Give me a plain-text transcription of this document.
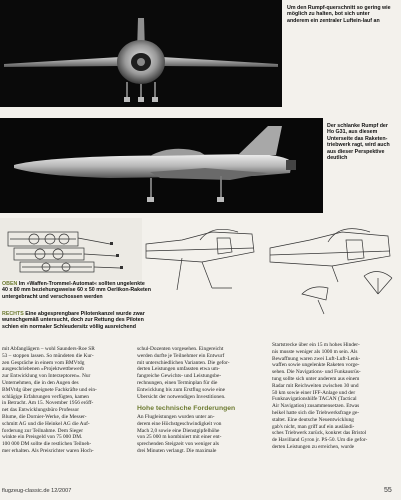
Um den Rumpf-querschnitt so gering wie möglich zu halten, bot sich unter anderem ein zentraler Luftein-lauf an
Der schlanke Rumpf der Ho G31, aus diesem Unterseite das Raketen-triebwerk ragt, wird auch aus dieser Perspektive deutlich
OBEN Im »Waffen-Trommel-Automat« sollten ungelenkte 40 x 80 mm beziehungsweise 60 x 50 mm Oerlikon-Raketen untergebracht und verschossen werden
RECHTS Eine abgesprengbare Pilotenkanzel wurde zwar wunschgemäß untersucht, doch zur Rettung des Piloten schien ein normaler Schleudersitz völlig ausreichend
mit Abfanglägern – wohl Saunders-Roe SR
53 – stoppen lassen. So mündeten die Kur-
zen Gespräche in einem vom BMVtdg
ausgeschriebenen »Projektwettbewerb
zur Entwicklung von Interzeptoren«. Nur
Unternehmen, die in den Augen des
BMVtdg über geeignete Fachkräfte und ein-
schlägige Erfahrungen verfügten, kamen
in Betracht. Am 15. November 1956 eröff-
net das Entwicklungsbüro Professor
Blume, die Dornier-Werke, die Messer-
schmitt AG und die Heinkel AG die Auf-
forderung zur Teilnahme. Dem Sieger
winkte ein Preisgeld von 75 000 DM.
100 000 DM sollte die restlichen Teilneh-
mer erhalten. Als Preisrichter waren Hoch-
schul-Dozenten vorgesehen. Eingereicht
werden durfte je Teilnehmer ein Entwurf
mit unterschiedlichen Varianten. Die gefor-
derten Leistungen umfassten etwa um-
fangreiche Gewichts- und Leistungsbe-
rechnungen, einen Terminplan für die
Entwicklung bis zum Erstflug sowie eine
Übersicht der notwendigen Investitionen.
Hohe technische Forderungen
An Flugleistungen wurden unter an-
derem eine Höchstgeschwindigkeit von
Mach 2,0 sowie eine Dienstgipfelhöhe
von 25 000 m kombiniert mit einer ent-
sprechenden Steigzeit von weniger als
drei Minuten verlangt. Die maximale
Startstrecke über ein 15 m hohes Hinder-
nis musste weniger als 1000 m sein. Als
Bewaffnung waren zwei Luft-Luft-Lenk-
waffen sowie ungelenkte Raketen vorge-
sehen. Die Navigations- und Funkausrüs-
tung sollte sich unter anderem aus einem
Radar mit Reichweiten zwischen 30 und
50 km sowie einer IFF-Anlage und der
Funknavigationshilfe TACAN (Tactical
Air Navigation) zusammensetzen. Etwas
heikel hatte sich die Triebwerksfrage ge-
staltet. Eine deutsche Neuentwicklung
gab's nicht, man griff auf ein ausländi-
sches Triebwerk zurück, konkret das Bristol
de Havilland Gyron jr. PS-50. Um die gefor-
derten Leistungen zu erreichen, wurde
flugzeug-classic.de 12/2007	55
